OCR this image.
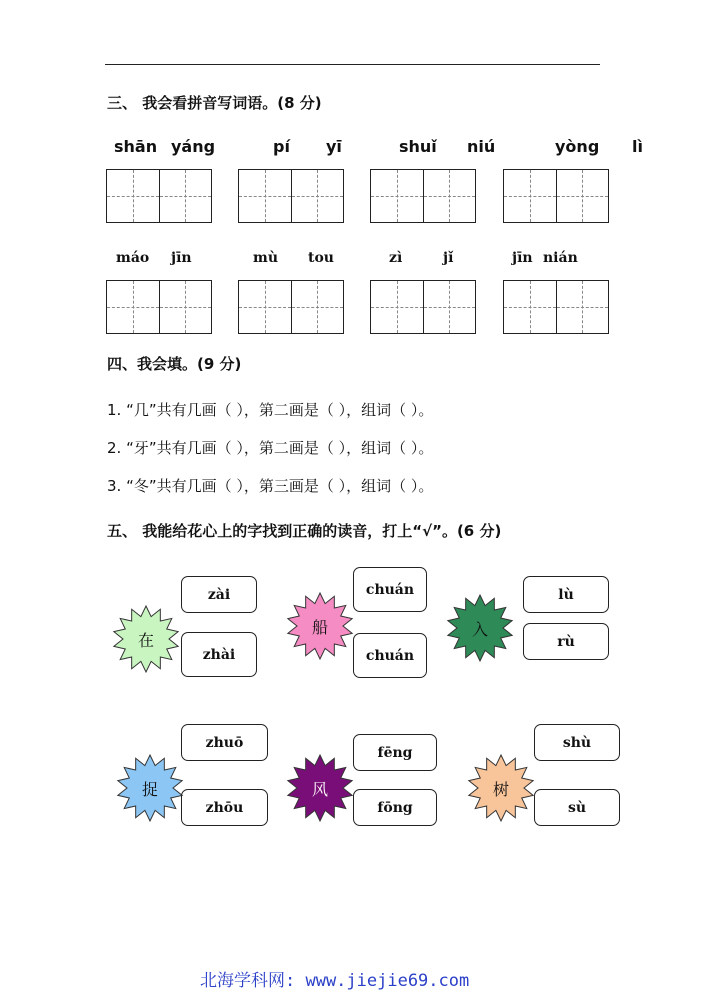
三、 我会看拼音写词语。(8 分)
shān yáng	pí yī	shuǐ niú	yòng lì
máo jīn	mù tou	zì	jǐ	jīn nián
四、我会填。(9 分)
1. “几”共有几画（ ），第二画是（ ），组词（ ）。
2. “牙”共有几画（ ），第二画是（ ），组词（ ）。
3. “冬”共有几画（ ），第三画是（ ），组词（ ）。
五、 我能给花心上的字找到正确的读音，打上“√”。(6 分)
在
zài
zhài
船
chuán
chuán
入
lù
rù
捉
zhuō
zhōu
风
fēng
fōng
树
shù
sù
北海学科网: www.jiejie69.com
